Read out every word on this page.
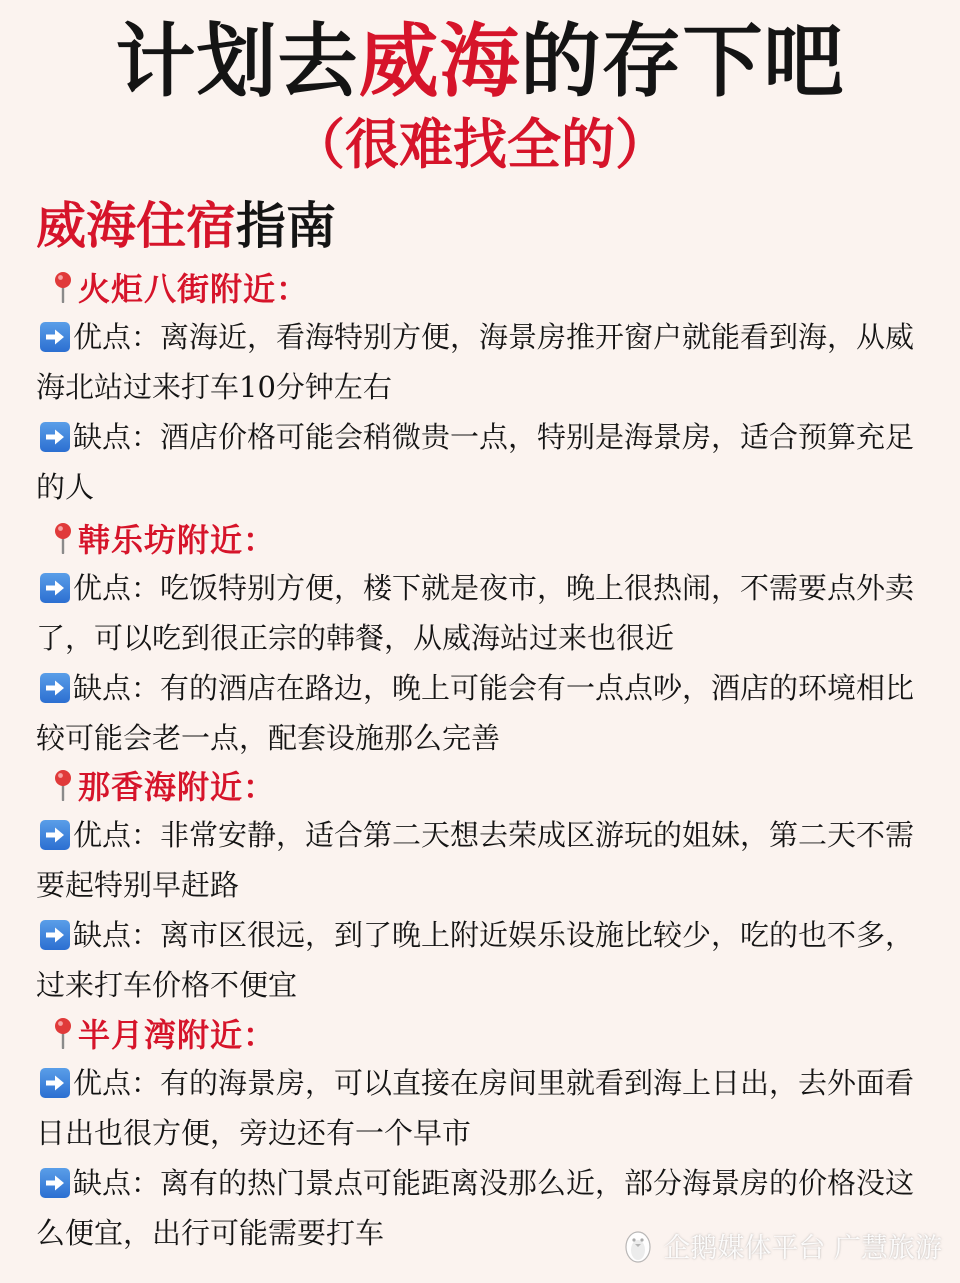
计划去威海的存下吧
（很难找全的）
威海住宿指南
火炬八街附近：
优点：离海近，看海特别方便，海景房推开窗户就能看到海，从威海北站过来打车10分钟左右
缺点：酒店价格可能会稍微贵一点，特别是海景房，适合预算充足的人
韩乐坊附近：
优点：吃饭特别方便，楼下就是夜市，晚上很热闹，不需要点外卖了，可以吃到很正宗的韩餐，从威海站过来也很近
缺点：有的酒店在路边，晚上可能会有一点点吵，酒店的环境相比较可能会老一点，配套设施那么完善
那香海附近：
优点：非常安静，适合第二天想去荣成区游玩的姐妹，第二天不需要起特别早赶路
缺点：离市区很远，到了晚上附近娱乐设施比较少，吃的也不多，过来打车价格不便宜
半月湾附近：
优点：有的海景房，可以直接在房间里就看到海上日出，去外面看日出也很方便，旁边还有一个早市
缺点：离有的热门景点可能距离没那么近，部分海景房的价格没这么便宜，出行可能需要打车	企鹅媒体平台 广慧旅游
